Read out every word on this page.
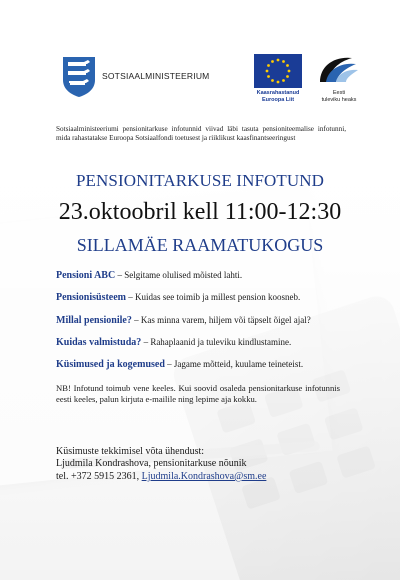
SOTSIAALMINISTEERIUM
Kaasrahastanud
Euroopa Liit
Eesti
tuleviku heaks
Sotsiaalministeeriumi pensionitarkuse infotunnid viivad läbi tasuta pensioniteemalise infotunni, mida rahastatakse Euroopa Sotsiaalfondi toetusest ja riiklikust kaasfinantseeringust
PENSIONITARKUSE INFOTUND
23.oktoobril kell 11:00-12:30
SILLAMÄE RAAMATUKOGUS
Pensioni ABC – Selgitame olulised mõisted lahti.
Pensionisüsteem – Kuidas see toimib ja millest pension koosneb.
Millal pensionile? – Kas minna varem, hiljem või täpselt õigel ajal?
Kuidas valmistuda? – Rahaplaanid ja tuleviku kindlustamine.
Küsimused ja kogemused – Jagame mõtteid, kuulame teineteist.
NB! Infotund toimub vene keeles. Kui soovid osaleda pensionitarkuse infotunnis eesti keeles, palun kirjuta e-mailile ning lepime aja kokku.
Küsimuste tekkimisel võta ühendust:
Ljudmila Kondrashova, pensionitarkuse nõunik
tel. +372 5915 2361, Ljudmila.Kondrashova@sm.ee
